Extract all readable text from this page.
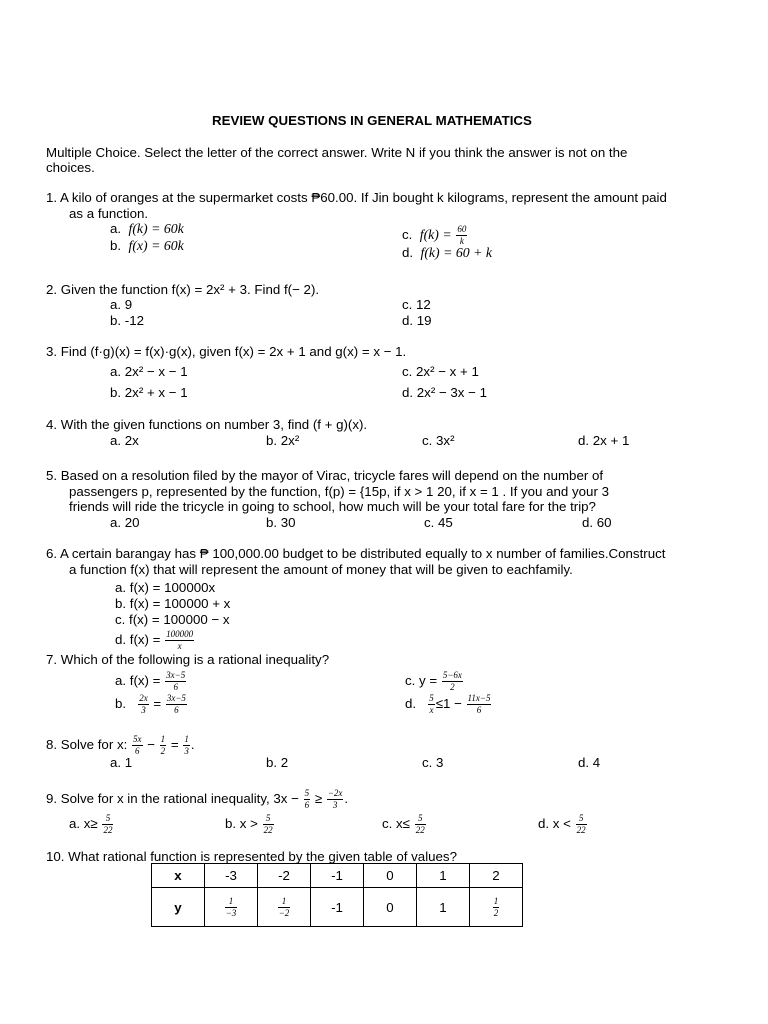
REVIEW QUESTIONS IN GENERAL MATHEMATICS
Multiple Choice. Select the letter of the correct answer. Write N if you think the answer is not on the
choices.
1. A kilo of oranges at the supermarket costs ₱60.00. If Jin bought k kilograms, represent the amount paid
as a function.
a. f(k) = 60k
b. f(x) = 60k
c. $f(k) = \frac{60}{k}$
d. f(k) = 60 + k
2. Given the function f(x) = 2x² + 3. Find f(− 2).
a. 9
b. -12
c. 12
d. 19
3. Find (f·g)(x) = f(x)·g(x), given f(x) = 2x + 1 and g(x) = x − 1.
a. 2x² − x − 1
b. 2x² + x − 1
c. 2x² − x + 1
d. 2x² − 3x − 1
4. With the given functions on number 3, find (f + g)(x).
a. 2x	b. 2x²	c. 3x²	d. 2x + 1
5. Based on a resolution filed by the mayor of Virac, tricycle fares will depend on the number of
passengers p, represented by the function, f(p) = {15p, if x > 1 20, if x = 1 . If you and your 3
friends will ride the tricycle in going to school, how much will be your total fare for the trip?
a. 20	b. 30	c. 45	d. 60
6. A certain barangay has ₱ 100,000.00 budget to be distributed equally to x number of families.Construct
a function f(x) that will represent the amount of money that will be given to eachfamily.
a. f(x) = 100000x
b. f(x) = 100000 + x
c. f(x) = 100000 − x
d. $f(x) = \frac{100000}{x}$
7. Which of the following is a rational inequality?
a. $f(x) = \frac{3x-5}{6}$
b. $\frac{2x}{3} = \frac{3x-5}{6}$
c. $y = \frac{5-6x}{2}$
d. $\frac{5}{x} \le 1 - \frac{11x-5}{6}$
8. Solve for x: $\frac{5x}{6} - \frac{1}{2} = \frac{1}{3}$ .
a. 1	b. 2	c. 3	d. 4
9. Solve for x in the rational inequality, $3x - \frac{5}{6} \ge \frac{-2x}{3}$ .
a. $x\ge \frac{5}{22}$	b. $x > \frac{5}{22}$	c. $x\le \frac{5}{22}$	d. $x < \frac{5}{22}$
10. What rational function is represented by the given table of values?
x	-3	-2	-1	0	1	2
y	$\frac{1}{-3}$	$\frac{1}{-2}$	-1	0	1	$\frac{1}{2}$
